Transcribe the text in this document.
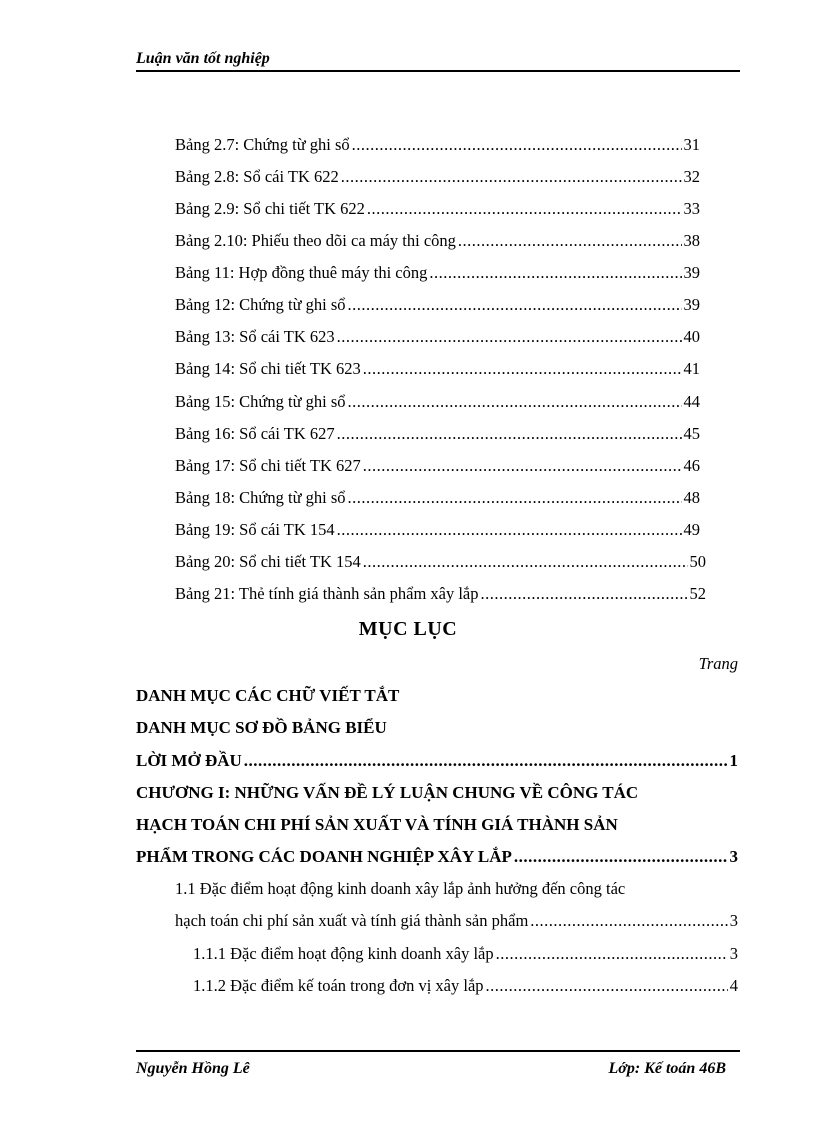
Luận văn tốt nghiệp
Bảng 2.7: Chứng từ ghi sổ .....	31
Bảng 2.8: Sổ cái TK 622 .....	32
Bảng 2.9: Sổ chi tiết TK 622 .....	33
Bảng 2.10: Phiếu theo dõi ca máy thi công .....	38
Bảng 11: Hợp đồng thuê máy thi công .....	39
Bảng 12: Chứng từ ghi sổ .....	39
Bảng 13: Sổ cái TK 623 .....	40
Bảng 14: Sổ chi tiết TK 623 .....	41
Bảng 15: Chứng từ ghi sổ .....	44
Bảng 16: Sổ cái TK 627 .....	45
Bảng 17: Sổ chi tiết TK 627 .....	46
Bảng 18: Chứng từ ghi sổ .....	48
Bảng 19: Sổ cái TK 154 .....	49
Bảng 20: Sổ chi tiết TK 154 .....	50
Bảng 21: Thẻ tính giá thành sản phẩm xây lắp .....	52
MỤC LỤC
Trang
DANH MỤC CÁC CHỮ VIẾT TẮT
DANH MỤC SƠ ĐỒ BẢNG BIỂU
LỜI MỞ ĐẦU .....	1
CHƯƠNG I: NHỮNG VẤN ĐỀ LÝ LUẬN CHUNG VỀ CÔNG TÁC
HẠCH TOÁN CHI PHÍ SẢN XUẤT VÀ TÍNH GIÁ THÀNH SẢN
PHẨM TRONG CÁC DOANH NGHIỆP XÂY LẮP .....	3
1.1 Đặc điểm hoạt động kinh doanh xây lắp ảnh hưởng đến công tác
hạch toán chi phí sản xuất và tính giá thành sản phẩm .....	3
1.1.1 Đặc điểm hoạt động kinh doanh xây lắp .....	3
1.1.2 Đặc điểm kế toán trong đơn vị xây lắp .....	4
Nguyễn Hồng Lê	Lớp: Kế toán 46B
